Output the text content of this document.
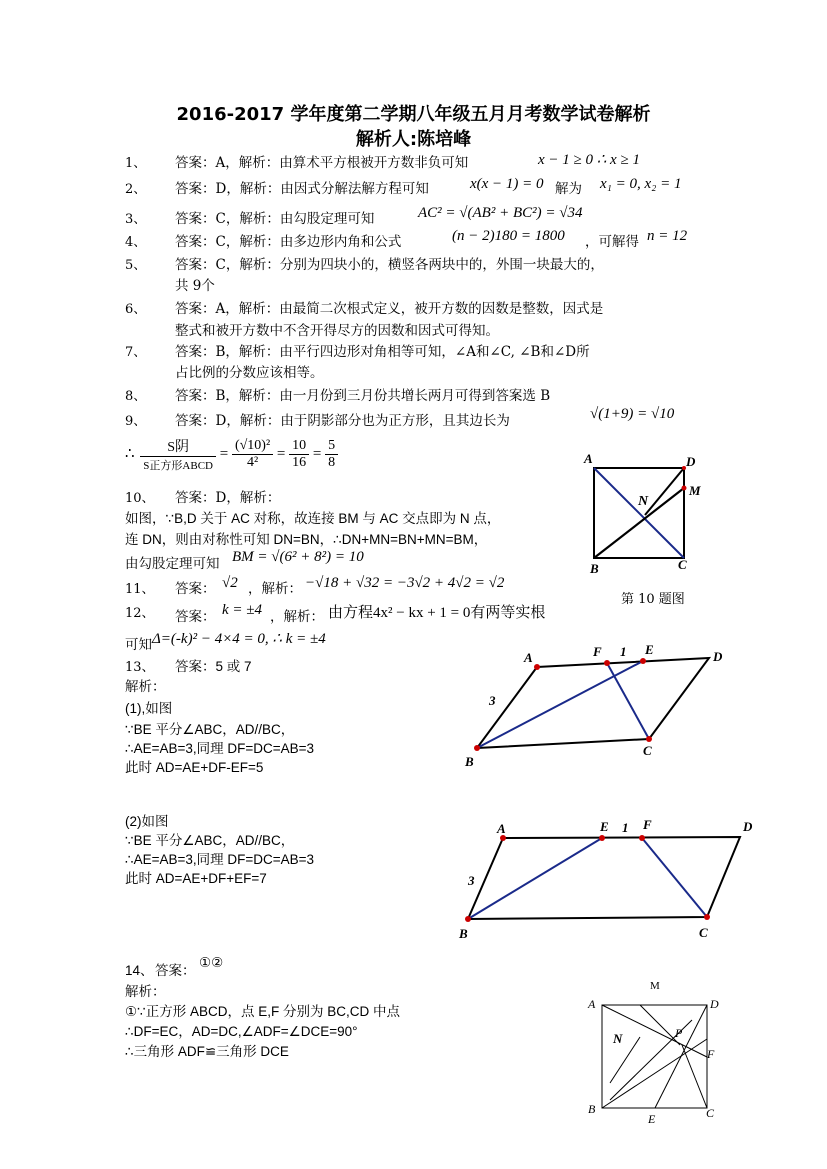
2016-2017 学年度第二学期八年级五月月考数学试卷解析
解析人:陈培峰
1、 答案：A，解析：由算术平方根被开方数非负可知	x − 1 ≥ 0 ∴ x ≥ 1
2、 答案：D，解析：由因式分解法解方程可知	x(x − 1) = 0 解为 x₁ = 0, x₂ = 1
3、 答案：C，解析：由勾股定理可知	AC² = √(AB² + BC²) = √34
4、 答案：C，解析：由多边形内角和公式	(n − 2)180 = 1800 ，可解得 n = 12
5、 答案：C，解析：分别为四块小的，横竖各两块中的，外围一块最大的，
共 9个
6、 答案：A，解析：由最简二次根式定义，被开方数的因数是整数，因式是
整式和被开方数中不含开得尽方的因数和因式可得知。
7、 答案：B，解析：由平行四边形对角相等可知，∠A和∠C, ∠B和∠D所
占比例的分数应该相等。
8、 答案：B，解析：由一月份到三月份共增长两月可得到答案选 B
9、 答案：D，解析：由于阴影部分也为正方形，且其边长为	√(1+9) = √10
∴ $\frac{\text{S阴}}{\text{S正方形ABCD}} = \frac{\text{(√10)²}}{\text{4²}} = \frac{10}{16} = \frac{5}{8}$
10、 答案：D，解析：
如图，∵B,D 关于 AC 对称，故连接 BM 与 AC 交点即为 N 点，
连 DN，则由对称性可知 DN=BN，∴DN+MN=BN+MN=BM，
由勾股定理可知 BM = √(6² + 8²) = 10
第 10 题图
11、 答案： √2 ，解析： −√18 + √32 = −3√2 + 4√2 = √2
12、 答案： k = ±4 ，解析： 由方程4x² − kx + 1 = 0有两等实根
可知 Δ=(-k)² − 4×4 = 0, ∴ k = ±4
13、 答案：5 或 7
解析：
(1),如图
∵BE 平分∠ABC，AD//BC，
∴AE=AB=3,同理 DF=DC=AB=3
此时 AD=AE+DF-EF=5
(2)如图
∵BE 平分∠ABC，AD//BC，
∴AE=AB=3,同理 DF=DC=AB=3
此时 AD=AE+DF+EF=7
14、 答案：
①②
解析：
①∵正方形 ABCD，点 E,F 分别为 BC,CD 中点
∴DF=EC，AD=DC,∠ADF=∠DCE=90°
∴三角形 ADF≌三角形 DCE
A	D
M
N
B	C
A	F 1 E	D
3
B
C
A	E 1 F	D
3
B	C
M
A	D
N	P
F
B
E	C
